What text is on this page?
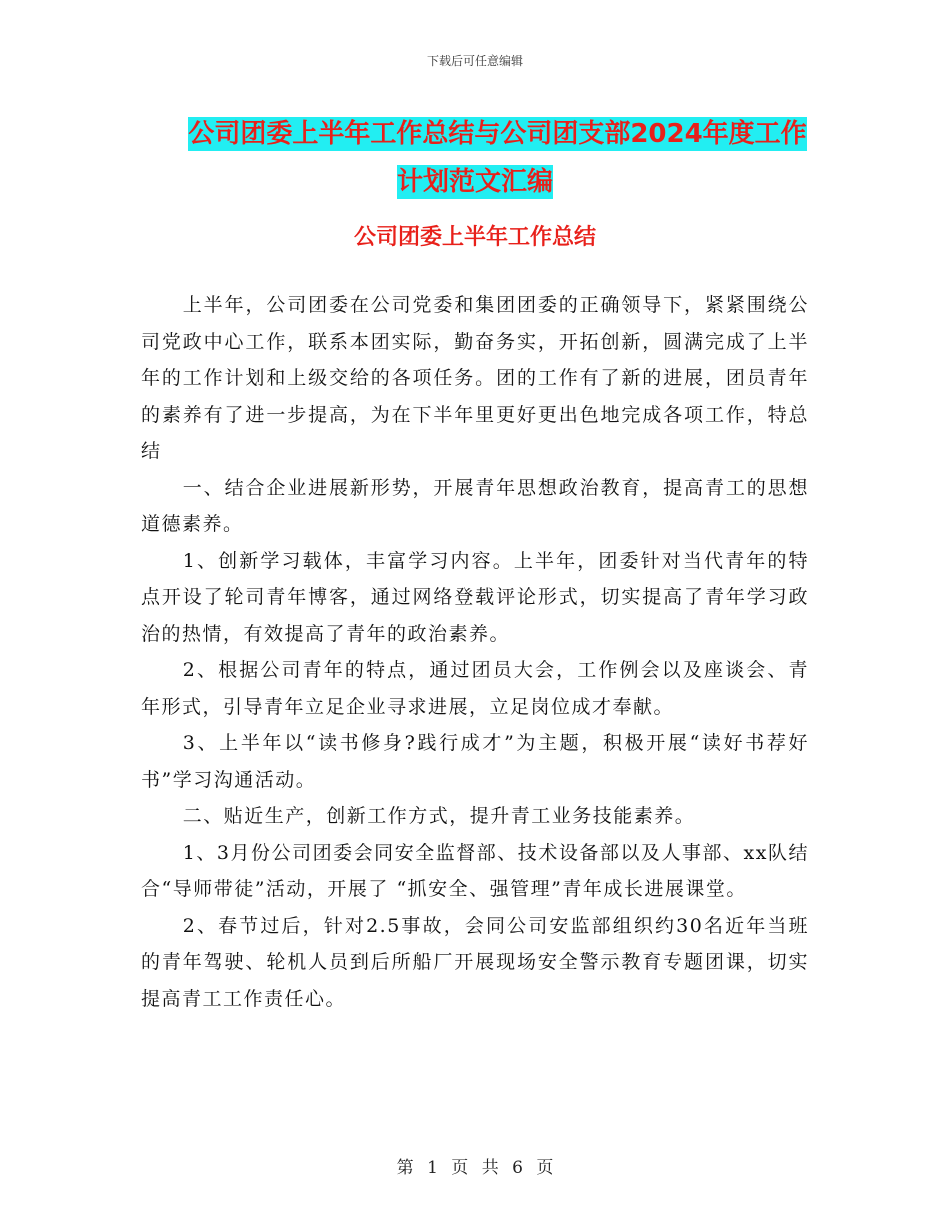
下载后可任意编辑
公司团委上半年工作总结与公司团支部2024年度工作
计划范文汇编
公司团委上半年工作总结

上半年，公司团委在公司党委和集团团委的正确领导下，紧紧围绕公司党政中心工作，联系本团实际，勤奋务实，开拓创新，圆满完成了上半年的工作计划和上级交给的各项任务。团的工作有了新的进展，团员青年的素养有了进一步提高，为在下半年里更好更出色地完成各项工作，特总结

一、结合企业进展新形势，开展青年思想政治教育，提高青工的思想道德素养。

1、创新学习载体，丰富学习内容。上半年，团委针对当代青年的特点开设了轮司青年博客，通过网络登载评论形式，切实提高了青年学习政治的热情，有效提高了青年的政治素养。

2、根据公司青年的特点，通过团员大会，工作例会以及座谈会、青年形式，引导青年立足企业寻求进展，立足岗位成才奉献。

3、上半年以“读书修身?践行成才”为主题，积极开展“读好书荐好书”学习沟通活动。

二、贴近生产，创新工作方式，提升青工业务技能素养。

1、3月份公司团委会同安全监督部、技术设备部以及人事部、xx队结合“导师带徒”活动，开展了 “抓安全、强管理”青年成长进展课堂。

2、春节过后，针对2.5事故，会同公司安监部组织约30名近年当班的青年驾驶、轮机人员到后所船厂开展现场安全警示教育专题团课，切实提高青工工作责任心。

第 1 页 共 6 页
